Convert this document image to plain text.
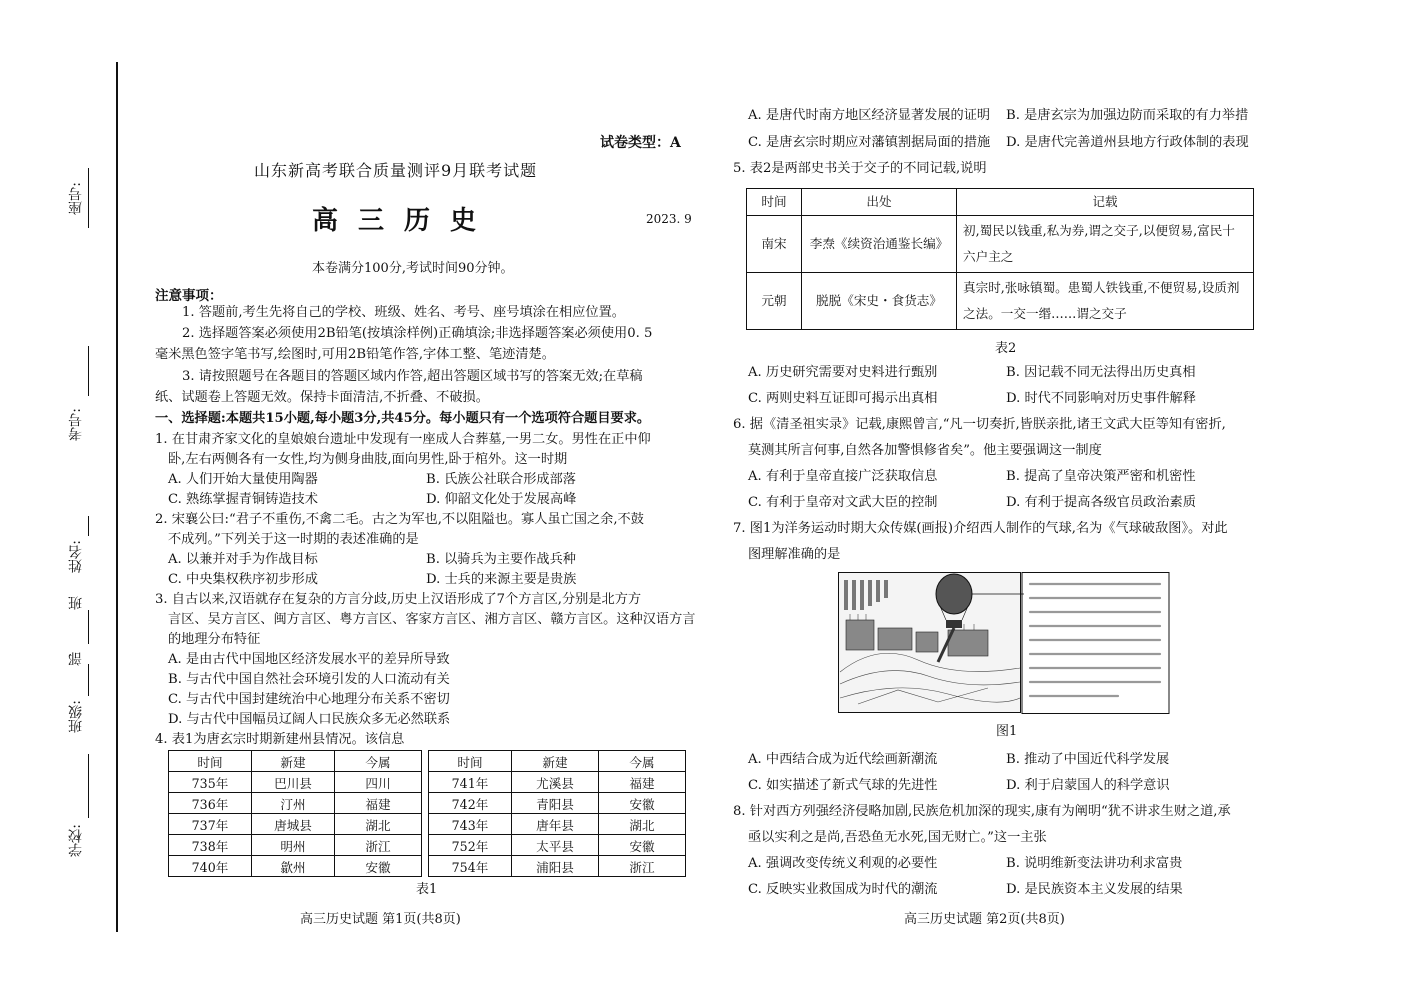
座号:
考号:
姓名:
班
部
班级:
学校:
试卷类型：A
山东新高考联合质量测评9月联考试题
高三历史	2023. 9
本卷满分100分,考试时间90分钟。
注意事项：
1. 答题前,考生先将自己的学校、班级、姓名、考号、座号填涂在相应位置。
2. 选择题答案必须使用2B铅笔(按填涂样例)正确填涂;非选择题答案必须使用0. 5
毫米黑色签字笔书写,绘图时,可用2B铅笔作答,字体工整、笔迹清楚。
3. 请按照题号在各题目的答题区域内作答,超出答题区域书写的答案无效;在草稿
纸、试题卷上答题无效。保持卡面清洁,不折叠、不破损。
一、选择题:本题共15小题,每小题3分,共45分。每小题只有一个选项符合题目要求。
1. 在甘肃齐家文化的皇娘娘台遗址中发现有一座成人合葬墓,一男二女。男性在正中仰
卧,左右两侧各有一女性,均为侧身曲肢,面向男性,卧于棺外。这一时期
A. 人们开始大量使用陶器	B. 氏族公社联合形成部落
C. 熟练掌握青铜铸造技术	D. 仰韶文化处于发展高峰
2. 宋襄公曰:“君子不重伤,不禽二毛。古之为军也,不以阻隘也。寡人虽亡国之余,不鼓
不成列。”下列关于这一时期的表述准确的是
A. 以兼并对手为作战目标	B. 以骑兵为主要作战兵种
C. 中央集权秩序初步形成	D. 士兵的来源主要是贵族
3. 自古以来,汉语就存在复杂的方言分歧,历史上汉语形成了7个方言区,分别是北方方
言区、吴方言区、闽方言区、粤方言区、客家方言区、湘方言区、赣方言区。这种汉语方言
的地理分布特征
A. 是由古代中国地区经济发展水平的差异所导致
B. 与古代中国自然社会环境引发的人口流动有关
C. 与古代中国封建统治中心地理分布关系不密切
D. 与古代中国幅员辽阔人口民族众多无必然联系
4. 表1为唐玄宗时期新建州县情况。该信息
时间	新建	今属		时间	新建	今属
735年	巴川县	四川		741年	尤溪县	福建
736年	汀州	福建		742年	青阳县	安徽
737年	唐城县	湖北		743年	唐年县	湖北
738年	明州	浙江		752年	太平县	安徽
740年	歙州	安徽		754年	浦阳县	浙江
表1
高三历史试题 第1页(共8页)
A. 是唐代时南方地区经济显著发展的证明 B. 是唐玄宗为加强边防而采取的有力举措
C. 是唐玄宗时期应对藩镇割据局面的措施 D. 是唐代完善道州县地方行政体制的表现
5. 表2是两部史书关于交子的不同记载,说明
时间	出处	记载
南宋	李焘《续资治通鉴长编》	初,蜀民以钱重,私为券,谓之交子,以便贸易,富民十六户主之
元朝	脱脱《宋史・食货志》	真宗时,张咏镇蜀。患蜀人铁钱重,不便贸易,设质剂之法。一交一缗……谓之交子
表2
A. 历史研究需要对史料进行甄别	B. 因记载不同无法得出历史真相
C. 两则史料互证即可揭示出真相	D. 时代不同影响对历史事件解释
6. 据《清圣祖实录》记载,康熙曾言,“凡一切奏折,皆朕亲批,诸王文武大臣等知有密折,
莫测其所言何事,自然各加警惧修省矣”。他主要强调这一制度
A. 有利于皇帝直接广泛获取信息	B. 提高了皇帝决策严密和机密性
C. 有利于皇帝对文武大臣的控制	D. 有利于提高各级官员政治素质
7. 图1为洋务运动时期大众传媒(画报)介绍西人制作的气球,名为《气球破敌图》。对此
图理解准确的是
图1
A. 中西结合成为近代绘画新潮流	B. 推动了中国近代科学发展
C. 如实描述了新式气球的先进性	D. 利于启蒙国人的科学意识
8. 针对西方列强经济侵略加剧,民族危机加深的现实,康有为阐明“犹不讲求生财之道,承
亟以实利之是尚,吾恐鱼无水死,国无财亡。”这一主张
A. 强调改变传统义利观的必要性	B. 说明维新变法讲功利求富贵
C. 反映实业救国成为时代的潮流	D. 是民族资本主义发展的结果
高三历史试题 第2页(共8页)
